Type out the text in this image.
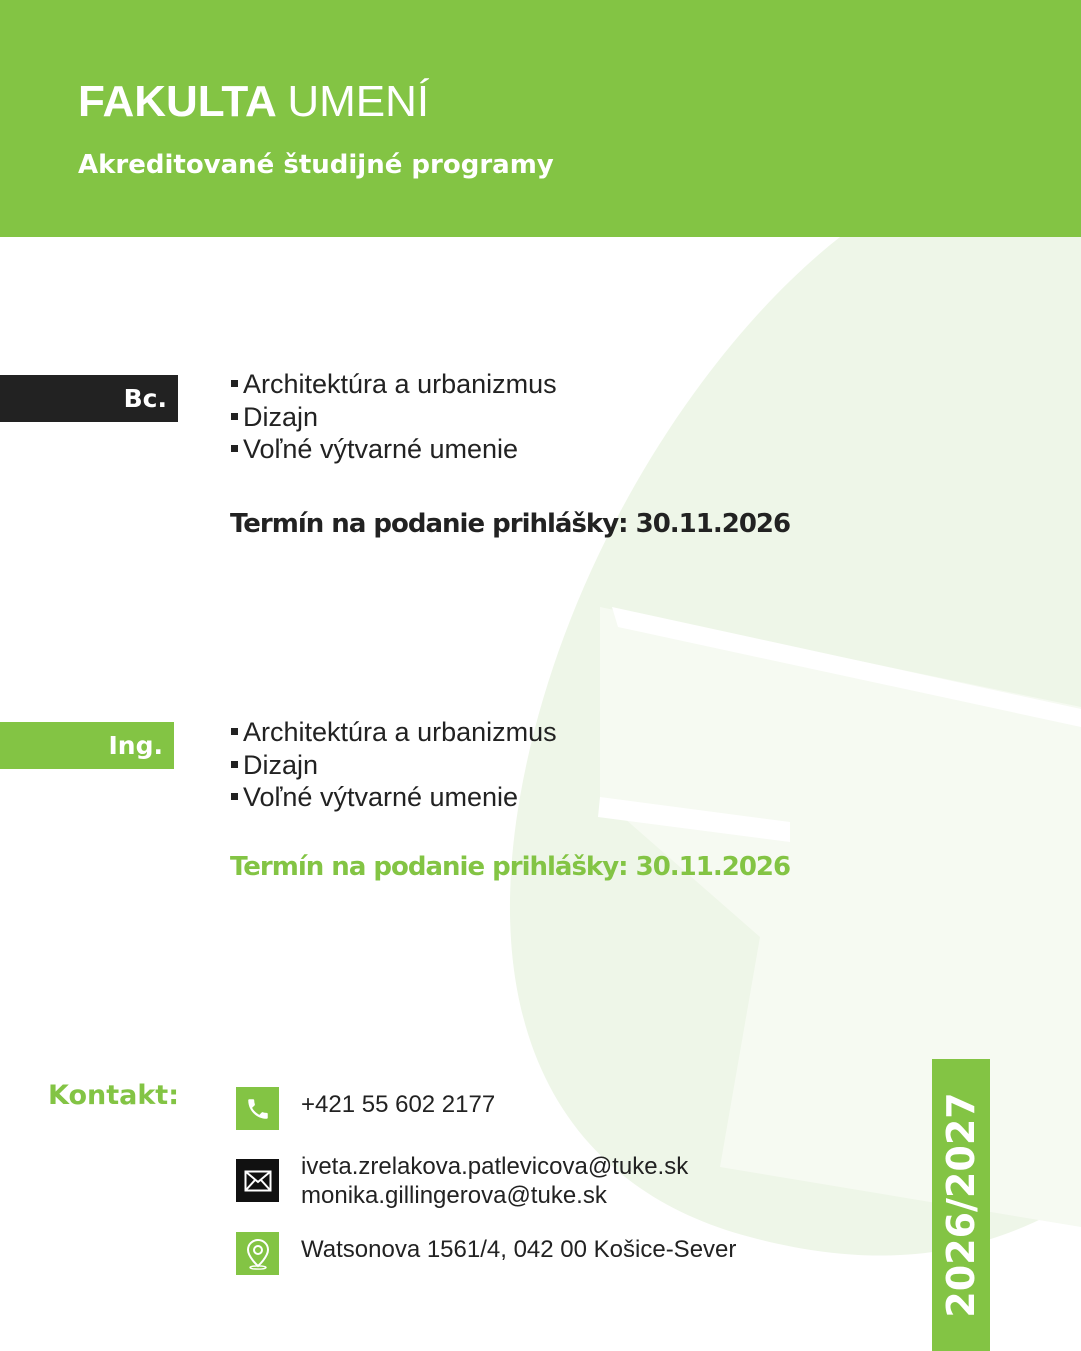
FAKULTA UMENÍ
Akreditované študijné programy
Bc.	Architektúra a urbanizmus
Dizajn
Voľné výtvarné umenie
Termín na podanie prihlášky: 30.11.2026
Ing.	Architektúra a urbanizmus
Dizajn
Voľné výtvarné umenie
Termín na podanie prihlášky: 30.11.2026
Kontakt:	+421 55 602 2177
iveta.zrelakova.patlevicova@tuke.sk
monika.gillingerova@tuke.sk
Watsonova 1561/4, 042 00 Košice-Sever	2026/2027
